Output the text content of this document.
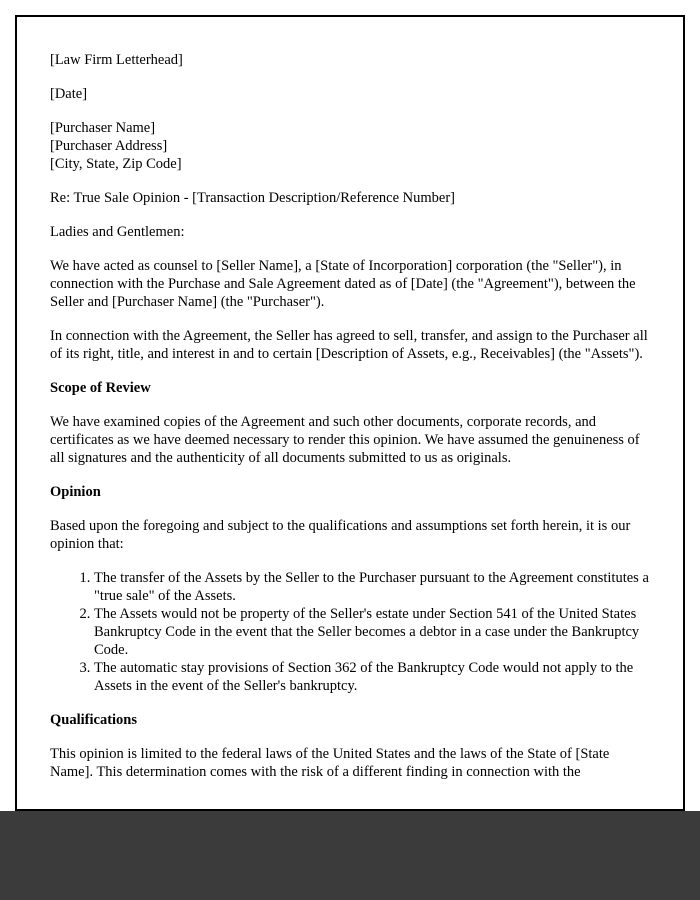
[Law Firm Letterhead]

[Date]

[Purchaser Name]
[Purchaser Address]
[City, State, Zip Code]

Re: True Sale Opinion - [Transaction Description/Reference Number]

Ladies and Gentlemen:

We have acted as counsel to [Seller Name], a [State of Incorporation] corporation (the "Seller"), in connection with the Purchase and Sale Agreement dated as of [Date] (the "Agreement"), between the Seller and [Purchaser Name] (the "Purchaser").

In connection with the Agreement, the Seller has agreed to sell, transfer, and assign to the Purchaser all of its right, title, and interest in and to certain [Description of Assets, e.g., Receivables] (the "Assets").

Scope of Review

We have examined copies of the Agreement and such other documents, corporate records, and certificates as we have deemed necessary to render this opinion. We have assumed the genuineness of all signatures and the authenticity of all documents submitted to us as originals.

Opinion

Based upon the foregoing and subject to the qualifications and assumptions set forth herein, it is our opinion that:

1. The transfer of the Assets by the Seller to the Purchaser pursuant to the Agreement constitutes a "true sale" of the Assets.
2. The Assets would not be property of the Seller's estate under Section 541 of the United States Bankruptcy Code in the event that the Seller becomes a debtor in a case under the Bankruptcy Code.
3. The automatic stay provisions of Section 362 of the Bankruptcy Code would not apply to the Assets in the event of the Seller's bankruptcy.

Qualifications

This opinion is limited to the federal laws of the United States and the laws of the State of [State Name]. This determination comes with the risk of a different finding in connection with the
